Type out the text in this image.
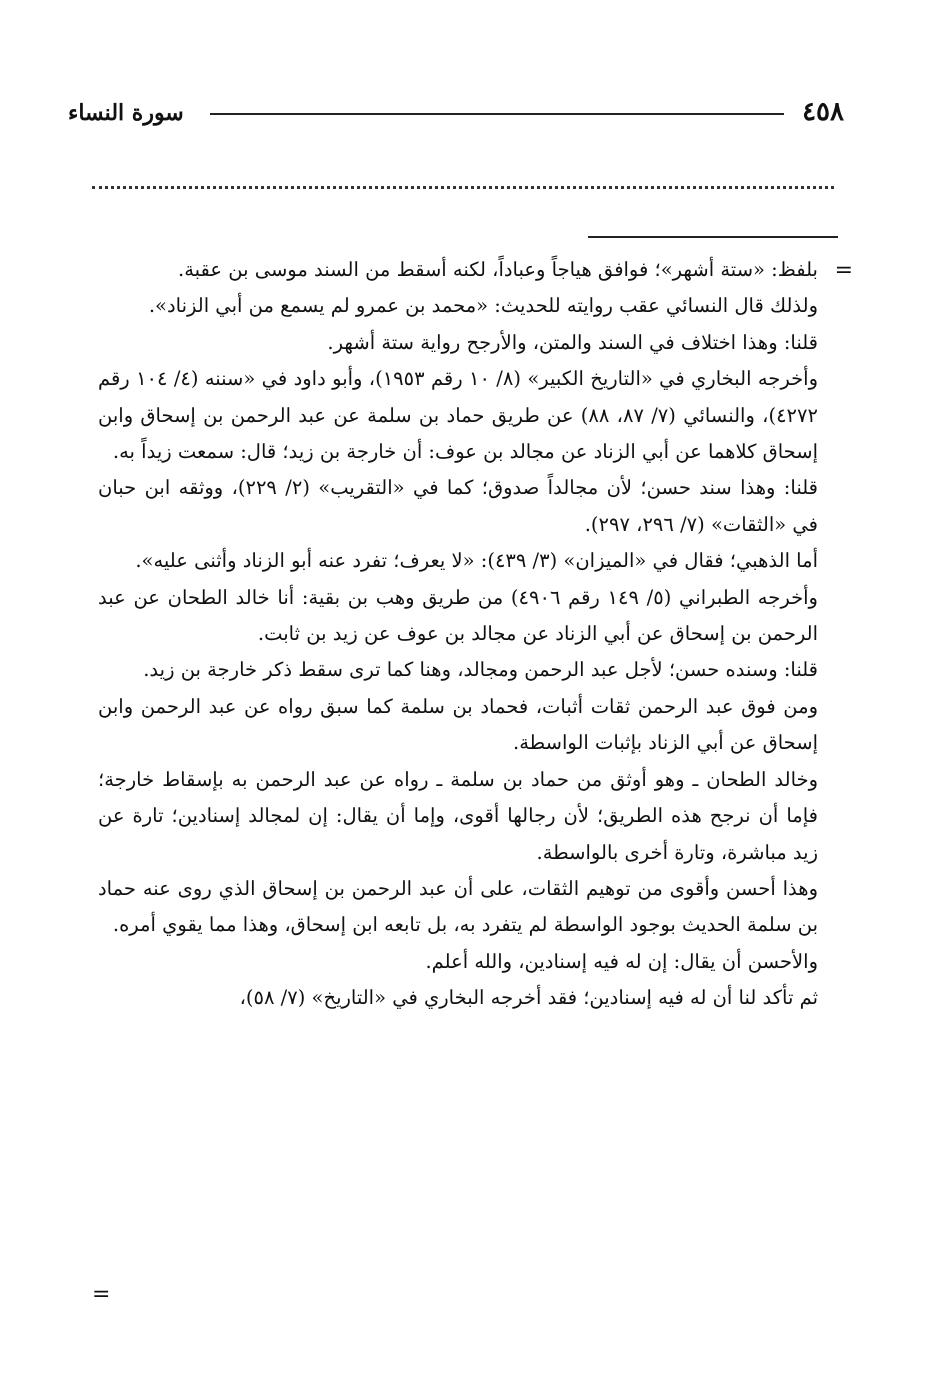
٤٥٨
سورة النساء
=

بلفظ: «ستة أشهر»؛ فوافق هياجاً وعباداً، لكنه أسقط من السند موسى بن عقبة.

ولذلك قال النسائي عقب روايته للحديث: «محمد بن عمرو لم يسمع من أبي الزناد».

قلنا: وهذا اختلاف في السند والمتن، والأرجح رواية ستة أشهر.

وأخرجه البخاري في «التاريخ الكبير» (٨/ ١٠ رقم ١٩٥٣)، وأبو داود في «سننه (٤/ ١٠٤ رقم ٤٢٧٢)، والنسائي (٧/ ٨٧، ٨٨) عن طريق حماد بن سلمة عن عبد الرحمن بن إسحاق وابن إسحاق كلاهما عن أبي الزناد عن مجالد بن عوف: أن خارجة بن زيد؛ قال: سمعت زيداً به.

قلنا: وهذا سند حسن؛ لأن مجالداً صدوق؛ كما في «التقريب» (٢/ ٢٢٩)، ووثقه ابن حبان في «الثقات» (٧/ ٢٩٦، ٢٩٧).

أما الذهبي؛ فقال في «الميزان» (٣/ ٤٣٩): «لا يعرف؛ تفرد عنه أبو الزناد وأثنى عليه».

وأخرجه الطبراني (٥/ ١٤٩ رقم ٤٩٠٦) من طريق وهب بن بقية: أنا خالد الطحان عن عبد الرحمن بن إسحاق عن أبي الزناد عن مجالد بن عوف عن زيد بن ثابت.

قلنا: وسنده حسن؛ لأجل عبد الرحمن ومجالد، وهنا كما ترى سقط ذكر خارجة بن زيد.

ومن فوق عبد الرحمن ثقات أثبات، فحماد بن سلمة كما سبق رواه عن عبد الرحمن وابن إسحاق عن أبي الزناد بإثبات الواسطة.

وخالد الطحان ـ وهو أوثق من حماد بن سلمة ـ رواه عن عبد الرحمن به بإسقاط خارجة؛ فإما أن نرجح هذه الطريق؛ لأن رجالها أقوى، وإما أن يقال: إن لمجالد إسنادين؛ تارة عن زيد مباشرة، وتارة أخرى بالواسطة.

وهذا أحسن وأقوى من توهيم الثقات، على أن عبد الرحمن بن إسحاق الذي روى عنه حماد بن سلمة الحديث بوجود الواسطة لم يتفرد به، بل تابعه ابن إسحاق، وهذا مما يقوي أمره.

والأحسن أن يقال: إن له فيه إسنادين، والله أعلم.

ثم تأكد لنا أن له فيه إسنادين؛ فقد أخرجه البخاري في «التاريخ» (٧/ ٥٨)،

=
